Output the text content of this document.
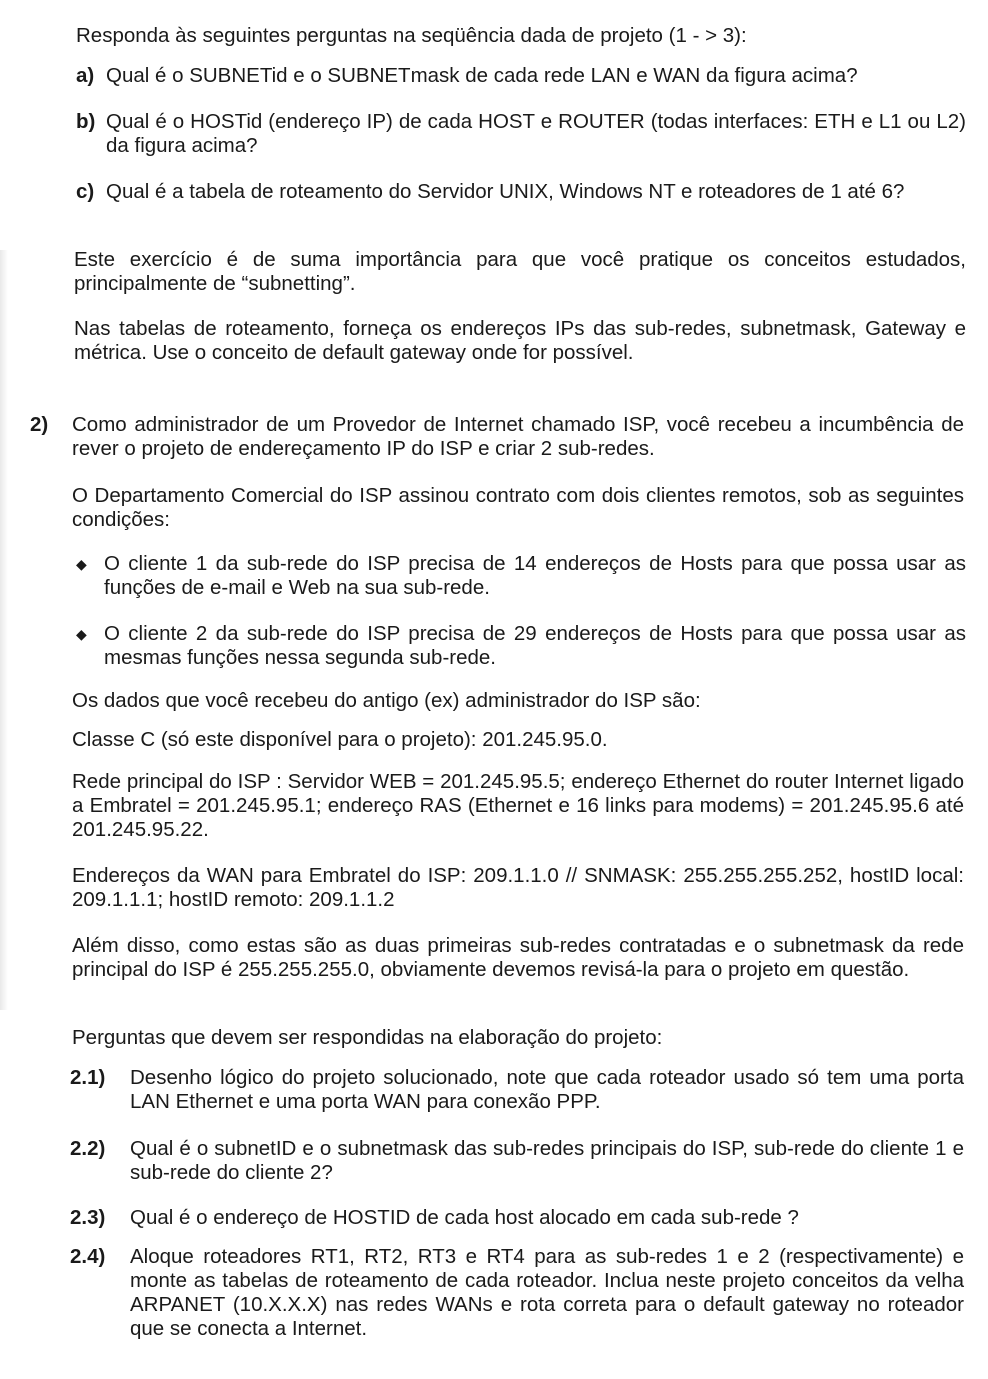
Responda às seguintes perguntas na seqüência dada de projeto (1 - > 3):
a) Qual é o SUBNETid e o SUBNETmask de cada rede LAN e WAN da figura acima?
b) Qual é o HOSTid (endereço IP) de cada HOST e ROUTER (todas interfaces: ETH e L1 ou L2) da figura acima?
c) Qual é a tabela de roteamento do Servidor UNIX, Windows NT e roteadores de 1 até 6?
Este exercício é de suma importância para que você pratique os conceitos estudados, principalmente de “subnetting”.
Nas tabelas de roteamento, forneça os endereços IPs das sub-redes, subnetmask, Gateway e métrica. Use o conceito de default gateway onde for possível.
2) Como administrador de um Provedor de Internet chamado ISP, você recebeu a incumbência de rever o projeto de endereçamento IP do ISP e criar 2 sub-redes.
O Departamento Comercial do ISP assinou contrato com dois clientes remotos, sob as seguintes condições:
◆ O cliente 1 da sub-rede do ISP precisa de 14 endereços de Hosts para que possa usar as funções de e-mail e Web na sua sub-rede.
◆ O cliente 2 da sub-rede do ISP precisa de 29 endereços de Hosts para que possa usar as mesmas funções nessa segunda sub-rede.
Os dados que você recebeu do antigo (ex) administrador do ISP são:
Classe C (só este disponível para o projeto): 201.245.95.0.
Rede principal do ISP : Servidor WEB = 201.245.95.5; endereço Ethernet do router Internet ligado a Embratel = 201.245.95.1; endereço RAS (Ethernet e 16 links para modems) = 201.245.95.6 até 201.245.95.22.
Endereços da WAN para Embratel do ISP: 209.1.1.0 // SNMASK: 255.255.255.252, hostID local: 209.1.1.1; hostID remoto: 209.1.1.2
Além disso, como estas são as duas primeiras sub-redes contratadas e o subnetmask da rede principal do ISP é 255.255.255.0, obviamente devemos revisá-la para o projeto em questão.
Perguntas que devem ser respondidas na elaboração do projeto:
2.1) Desenho lógico do projeto solucionado, note que cada roteador usado só tem uma porta LAN Ethernet e uma porta WAN para conexão PPP.
2.2) Qual é o subnetID e o subnetmask das sub-redes principais do ISP, sub-rede do cliente 1 e sub-rede do cliente 2?
2.3) Qual é o endereço de HOSTID de cada host alocado em cada sub-rede ?
2.4) Aloque roteadores RT1, RT2, RT3 e RT4 para as sub-redes 1 e 2 (respectivamente) e monte as tabelas de roteamento de cada roteador. Inclua neste projeto conceitos da velha ARPANET (10.X.X.X) nas redes WANs e rota correta para o default gateway no roteador que se conecta a Internet.
